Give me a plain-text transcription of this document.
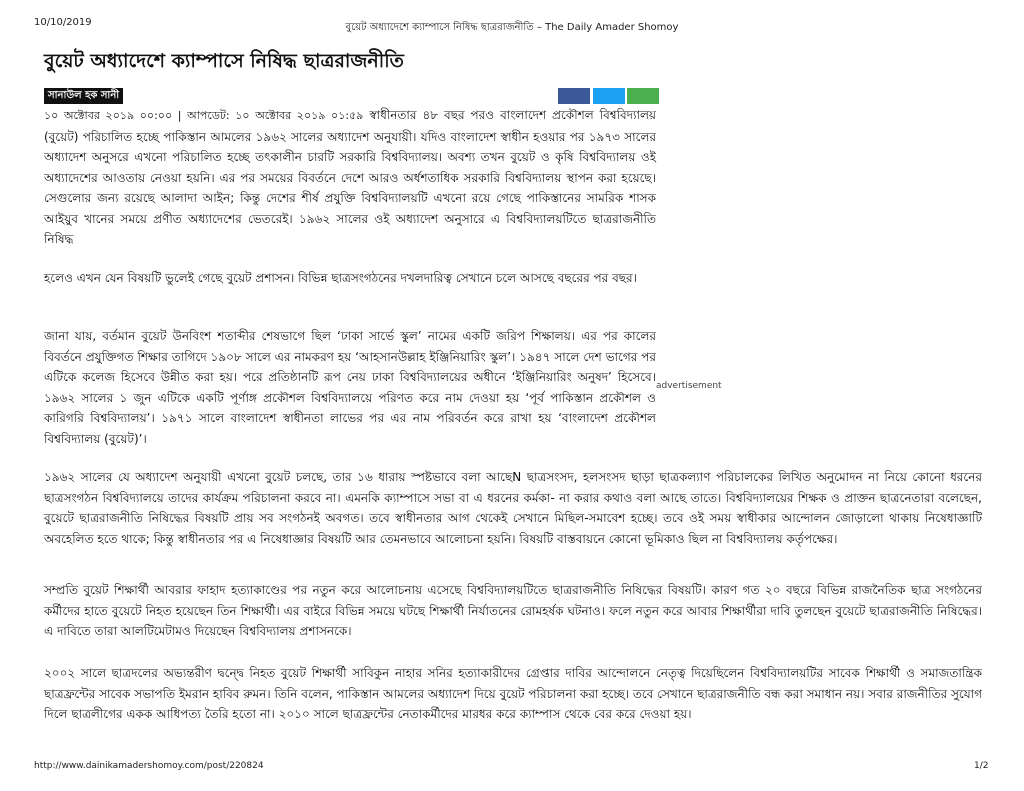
10/10/2019	বুয়েট অধ্যাদেশে ক্যাম্পাসে নিষিদ্ধ ছাত্ররাজনীতি – The Daily Amader Shomoy
বুয়েট অধ্যাদেশে ক্যাম্পাসে নিষিদ্ধ ছাত্ররাজনীতি
সানাউল হক সানী

১০ অক্টোবর ২০১৯ ০০:০০ | আপডেট: ১০ অক্টোবর ২০১৯ ০১:৫৯ স্বাধীনতার ৪৮ বছর পরও বাংলাদেশ প্রকৌশল বিশ্ববিদ্যালয় (বুয়েট) পরিচালিত হচ্ছে পাকিস্তান আমলের ১৯৬২ সালের অধ্যাদেশ অনুযায়ী। যদিও বাংলাদেশ স্বাধীন হওয়ার পর ১৯৭৩ সালের অধ্যাদেশ অনুসরে এখনো পরিচালিত হচ্ছে তৎকালীন চারটি সরকারি বিশ্ববিদ্যালয়। অবশ্য তখন বুয়েট ও কৃষি বিশ্ববিদ্যালয় ওই অধ্যাদেশের আওতায় নেওয়া হয়নি। এর পর সময়ের বিবর্তনে দেশে আরও অর্ধশতাধিক সরকারি বিশ্ববিদ্যালয় স্থাপন করা হয়েছে। সেগুলোর জন্য রয়েছে আলাদা আইন; কিন্তু দেশের শীর্ষ প্রযুক্তি বিশ্ববিদ্যালয়টি এখনো রয়ে গেছে পাকিস্তানের সামরিক শাসক আইয়ুব খানের সময়ে প্রণীত অধ্যাদেশের ভেতরেই। ১৯৬২ সালের ওই অধ্যাদেশ অনুসারে এ বিশ্ববিদ্যালয়টিতে ছাত্ররাজনীতি নিষিদ্ধ

হলেও এখন যেন বিষয়টি ভুলেই গেছে বুয়েট প্রশাসন। বিভিন্ন ছাত্রসংগঠনের দখলদারিত্ব সেখানে চলে আসছে বছরের পর বছর।

জানা যায়, বর্তমান বুয়েট উনবিংশ শতাব্দীর শেষভাগে ছিল ‘ঢাকা সার্ভে স্কুল’ নামের একটি জরিপ শিক্ষালয়। এর পর কালের বিবর্তনে প্রযুক্তিগত শিক্ষার তাগিদে ১৯০৮ সালে এর নামকরণ হয় ‘আহসানউল্লাহ ইঞ্জিনিয়ারিং স্কুল’। ১৯৪৭ সালে দেশ ভাগের পর এটিকে কলেজ হিসেবে উন্নীত করা হয়। পরে প্রতিষ্ঠানটি রূপ নেয় ঢাকা বিশ্ববিদ্যালয়ের অধীনে ‘ইঞ্জিনিয়ারিং অনুষদ’ হিসেবে। ১৯৬২ সালের ১ জুন এটিকে একটি পূর্ণাঙ্গ প্রকৌশল বিশ্ববিদ্যালয়ে পরিণত করে নাম দেওয়া হয় ‘পূর্ব পাকিস্তান প্রকৌশল ও কারিগরি বিশ্ববিদ্যালয়’। ১৯৭১ সালে বাংলাদেশ স্বাধীনতা লাভের পর এর নাম পরিবর্তন করে রাখা হয় ‘বাংলাদেশ প্রকৌশল বিশ্ববিদ্যালয় (বুয়েট)’।

advertisement

১৯৬২ সালের যে অধ্যাদেশ অনুযায়ী এখনো বুয়েট চলছে, তার ১৬ ধারায় স্পষ্টভাবে বলা আছেN ছাত্রসংসদ, হলসংসদ ছাড়া ছাত্রকল্যাণ পরিচালকের লিখিত অনুমোদন না নিয়ে কোনো ধরনের ছাত্রসংগঠন বিশ্ববিদ্যালয়ে তাদের কার্যক্রম পরিচালনা করবে না। এমনকি ক্যাম্পাসে সভা বা এ ধরনের কর্মকা- না করার কথাও বলা আছে তাতে। বিশ্ববিদ্যালয়ের শিক্ষক ও প্রাক্তন ছাত্রনেতারা বলেছেন, বুয়েটে ছাত্ররাজনীতি নিষিদ্ধের বিষয়টি প্রায় সব সংগঠনই অবগত। তবে স্বাধীনতার আগ থেকেই সেখানে মিছিল-সমাবেশ হচ্ছে। তবে ওই সময় স্বাধীকার আন্দোলন জোড়ালো থাকায় নিষেধাজ্ঞাটি অবহেলিত হতে থাকে; কিন্তু স্বাধীনতার পর এ নিষেধাজ্ঞার বিষয়টি আর তেমনভাবে আলোচনা হয়নি। বিষয়টি বাস্তবায়নে কোনো ভূমিকাও ছিল না বিশ্ববিদ্যালয় কর্তৃপক্ষের।

সম্প্রতি বুয়েট শিক্ষার্থী আবরার ফাহাদ হত্যাকাণ্ডের পর নতুন করে আলোচনায় এসেছে বিশ্ববিদ্যালয়টিতে ছাত্ররাজনীতি নিষিদ্ধের বিষয়টি। কারণ গত ২০ বছরে বিভিন্ন রাজনৈতিক ছাত্র সংগঠনের কর্মীদের হাতে বুয়েটে নিহত হয়েছেন তিন শিক্ষার্থী। এর বাইরে বিভিন্ন সময়ে ঘটছে শিক্ষার্থী নির্যাতনের রোমহর্ষক ঘটনাও। ফলে নতুন করে আবার শিক্ষার্থীরা দাবি তুলছেন বুয়েটে ছাত্ররাজনীতি নিষিদ্ধের। এ দাবিতে তারা আলটিমেটামও দিয়েছেন বিশ্ববিদ্যালয় প্রশাসনকে।

২০০২ সালে ছাত্রদলের অভ্যন্তরীণ দ্বন্দ্বে নিহত বুয়েট শিক্ষার্থী সাবিকুন নাহার সনির হত্যাকারীদের গ্রেপ্তার দাবির আন্দোলনে নেতৃত্ব দিয়েছিলেন বিশ্ববিদ্যালয়টির সাবেক শিক্ষার্থী ও সমাজতান্ত্রিক ছাত্রফ্রন্টের সাবেক সভাপতি ইমরান হাবিব রুমন। তিনি বলেন, পাকিস্তান আমলের অধ্যাদেশ দিয়ে বুয়েট পরিচালনা করা হচ্ছে। তবে সেখানে ছাত্ররাজনীতি বন্ধ করা সমাধান নয়। সবার রাজনীতির সুযোগ দিলে ছাত্রলীগের একক আধিপত্য তৈরি হতো না। ২০১০ সালে ছাত্রফ্রন্টের নেতাকর্মীদের মারধর করে ক্যাম্পাস থেকে বের করে দেওয়া হয়।

http://www.dainikamadershomoy.com/post/220824	1/2
